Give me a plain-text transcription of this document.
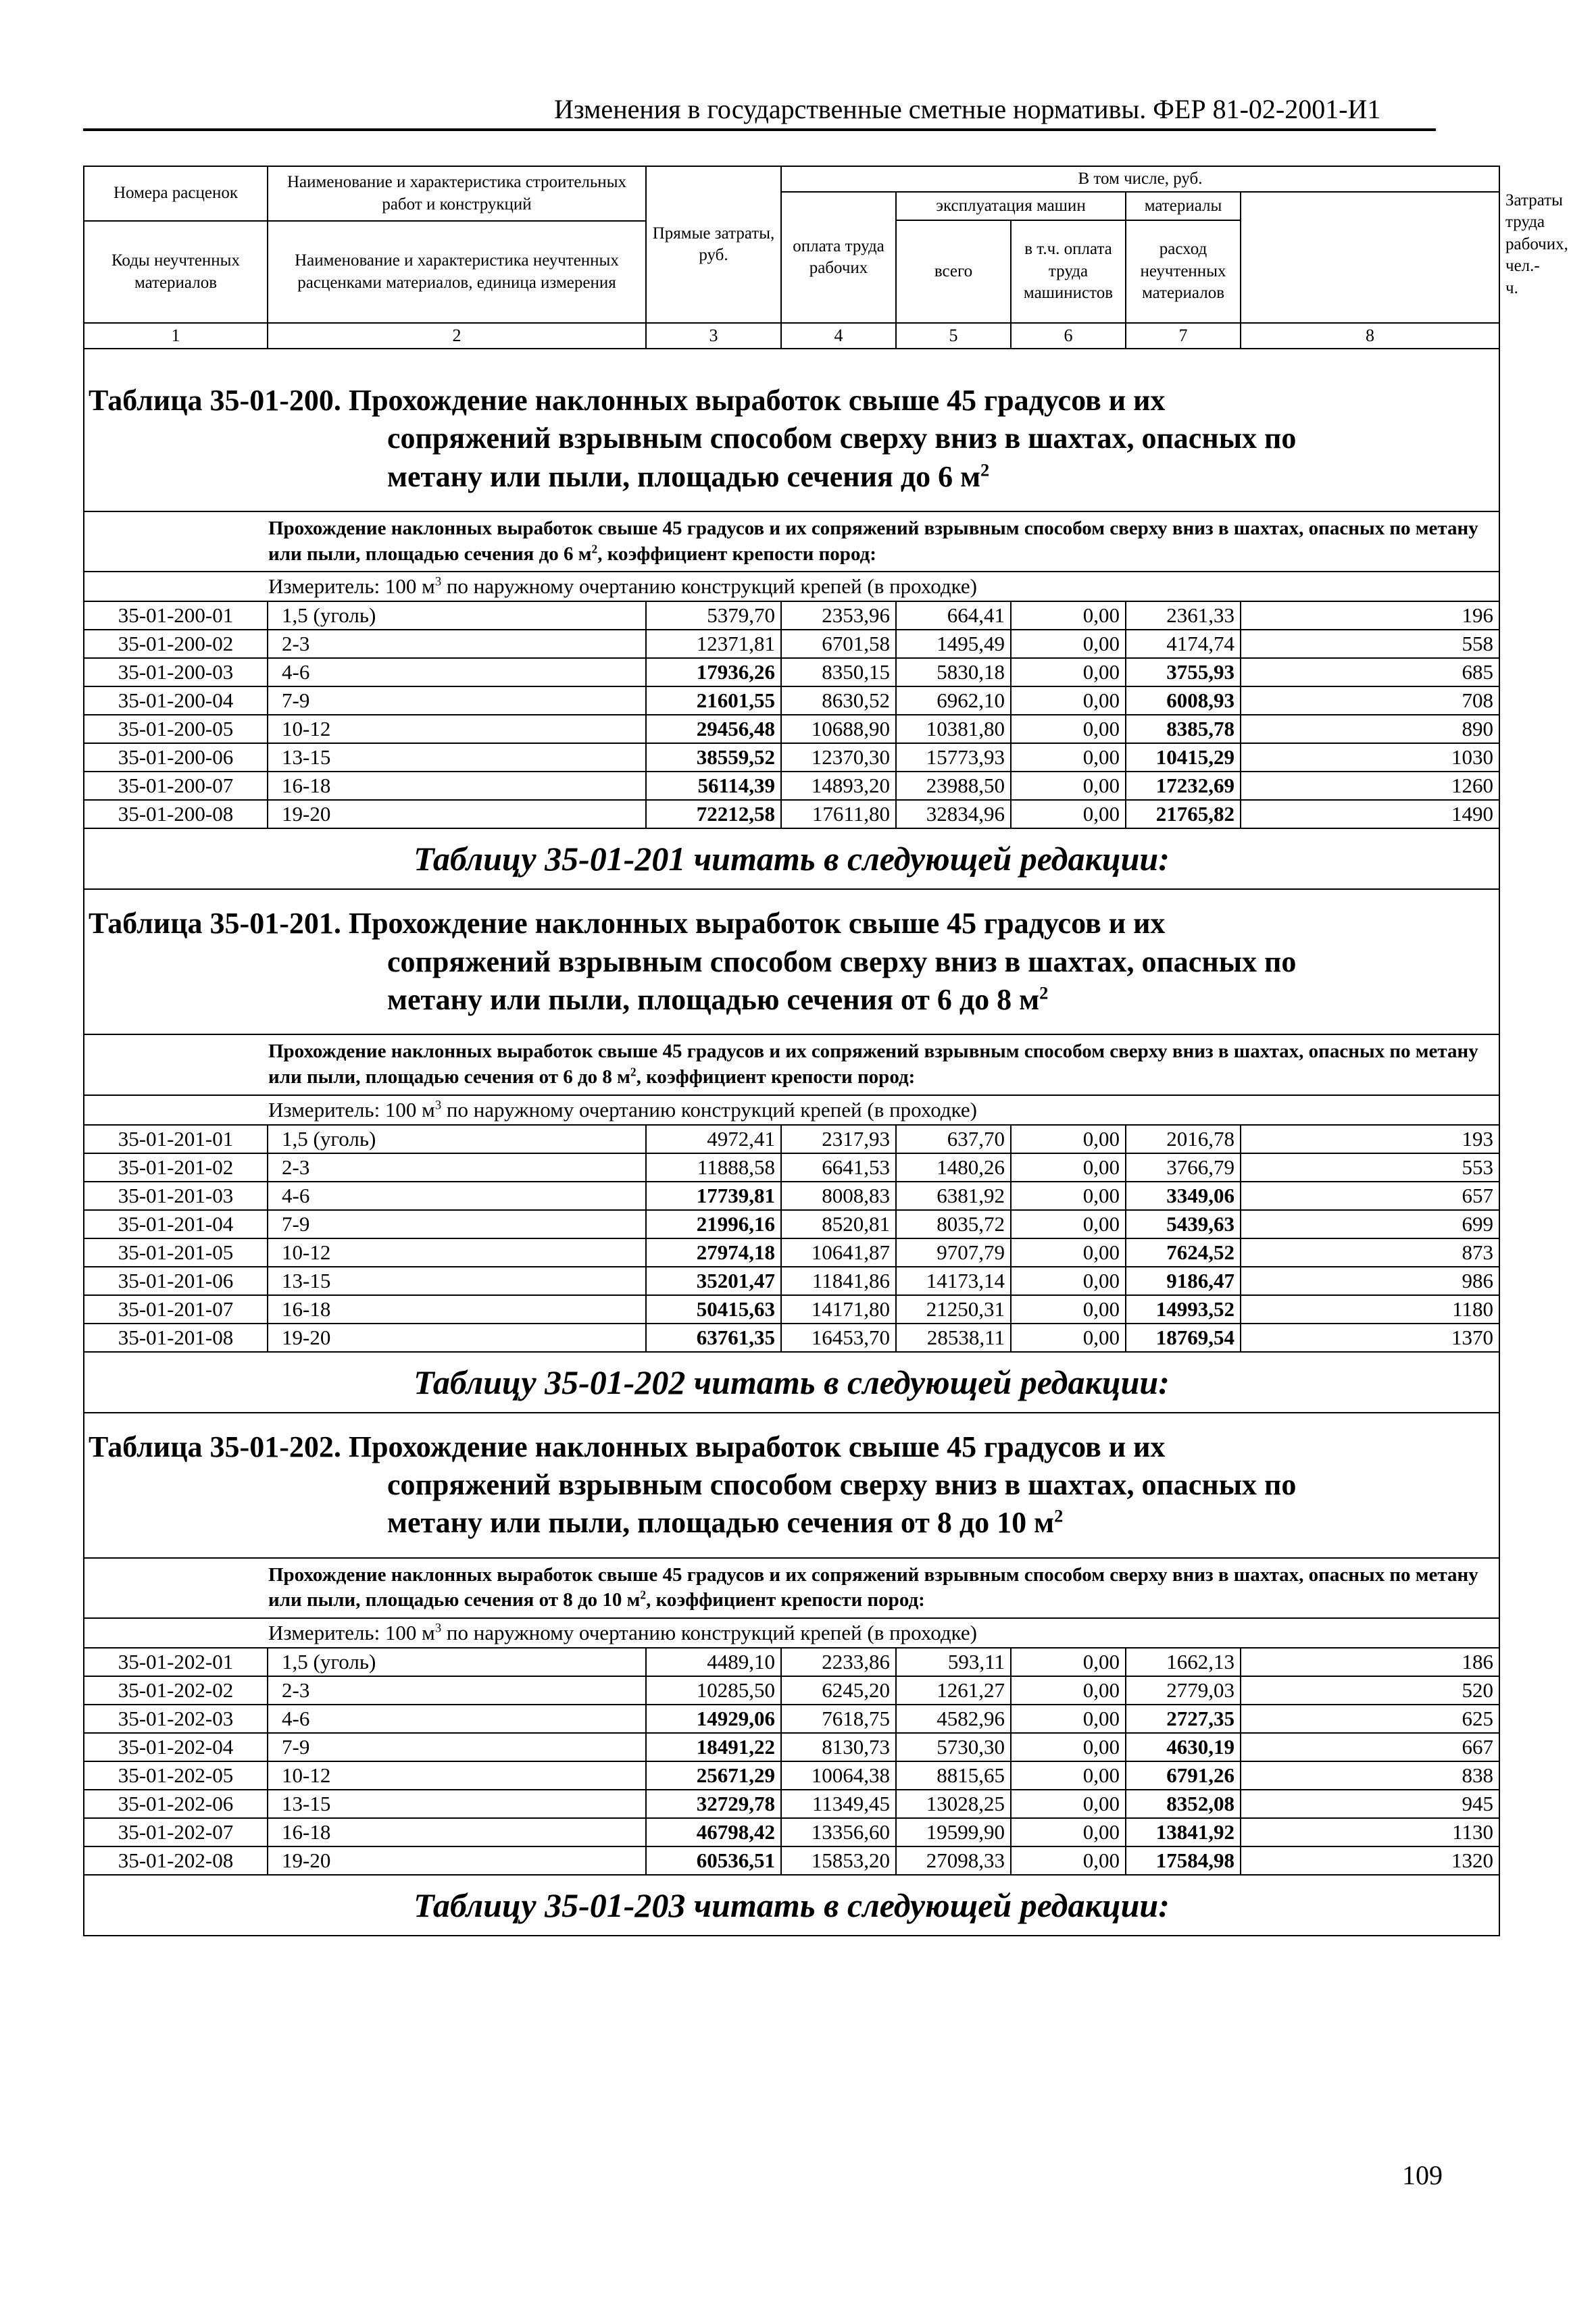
Изменения в государственные сметные нормативы. ФЕР 81-02-2001-И1
Номера расценок	Наименование и характеристика строительных работ и конструкций	Прямые затраты, руб.	В том числе, руб.					Затраты труда рабочих, чел.-ч.
			оплата труда рабочих	эксплуатация машин		материалы		
				всего	в т.ч. оплата труда машинистов	расход неучтенных материалов		
Коды неучтенных материалов	Наименование и характеристика неучтенных расценками материалов, единица измерения							

1	2	3	4	5	6	7	8	

Таблица 35-01-200. Прохождение наклонных выработок свыше 45 градусов и их
сопряжений взрывным способом сверху вниз в шахтах, опасных по
метану или пыли, площадью сечения до 6 $м^2$

Прохождение наклонных выработок свыше 45 градусов и их сопряжений взрывным способом сверху вниз в шахтах, опасных по метану или пыли, площадью сечения до 6 $м^2$, коэффициент крепости пород:								
Измеритель: 100 $м^3$ по наружному очертанию конструкций крепей (в проходке)								
35-01-200-01	1,5 (уголь)	5379,70	2353,96	664,41	0,00	2361,33	196	
35-01-200-02	2-3	12371,81	6701,58	1495,49	0,00	4174,74	558	
35-01-200-03	4-6	17936,26	8350,15	5830,18	0,00	3755,93	685	
35-01-200-04	7-9	21601,55	8630,52	6962,10	0,00	6008,93	708	
35-01-200-05	10-12	29456,48	10688,90	10381,80	0,00	8385,78	890	
35-01-200-06	13-15	38559,52	12370,30	15773,93	0,00	10415,29	1030	
35-01-200-07	16-18	56114,39	14893,20	23988,50	0,00	17232,69	1260	
35-01-200-08	19-20	72212,58	17611,80	32834,96	0,00	21765,82	1490	
Таблицу 35-01-201 читать в следующей редакции:								

Таблица 35-01-201. Прохождение наклонных выработок свыше 45 градусов и их
сопряжений взрывным способом сверху вниз в шахтах, опасных по
метану или пыли, площадью сечения от 6 до 8 $м^2$

Прохождение наклонных выработок свыше 45 градусов и их сопряжений взрывным способом сверху вниз в шахтах, опасных по метану или пыли, площадью сечения от 6 до 8 $м^2$, коэффициент крепости пород:								
Измеритель: 100 $м^3$ по наружному очертанию конструкций крепей (в проходке)								
35-01-201-01	1,5 (уголь)	4972,41	2317,93	637,70	0,00	2016,78	193	
35-01-201-02	2-3	11888,58	6641,53	1480,26	0,00	3766,79	553	
35-01-201-03	4-6	17739,81	8008,83	6381,92	0,00	3349,06	657	
35-01-201-04	7-9	21996,16	8520,81	8035,72	0,00	5439,63	699	
35-01-201-05	10-12	27974,18	10641,87	9707,79	0,00	7624,52	873	
35-01-201-06	13-15	35201,47	11841,86	14173,14	0,00	9186,47	986	
35-01-201-07	16-18	50415,63	14171,80	21250,31	0,00	14993,52	1180	
35-01-201-08	19-20	63761,35	16453,70	28538,11	0,00	18769,54	1370	
Таблицу 35-01-202 читать в следующей редакции:								

Таблица 35-01-202. Прохождение наклонных выработок свыше 45 градусов и их
сопряжений взрывным способом сверху вниз в шахтах, опасных по
метану или пыли, площадью сечения от 8 до 10 $м^2$

Прохождение наклонных выработок свыше 45 градусов и их сопряжений взрывным способом сверху вниз в шахтах, опасных по метану или пыли, площадью сечения от 8 до 10 $м^2$, коэффициент крепости пород:								
Измеритель: 100 $м^3$ по наружному очертанию конструкций крепей (в проходке)								
35-01-202-01	1,5 (уголь)	4489,10	2233,86	593,11	0,00	1662,13	186	
35-01-202-02	2-3	10285,50	6245,20	1261,27	0,00	2779,03	520	
35-01-202-03	4-6	14929,06	7618,75	4582,96	0,00	2727,35	625	
35-01-202-04	7-9	18491,22	8130,73	5730,30	0,00	4630,19	667	
35-01-202-05	10-12	25671,29	10064,38	8815,65	0,00	6791,26	838	
35-01-202-06	13-15	32729,78	11349,45	13028,25	0,00	8352,08	945	
35-01-202-07	16-18	46798,42	13356,60	19599,90	0,00	13841,92	1130	
35-01-202-08	19-20	60536,51	15853,20	27098,33	0,00	17584,98	1320	
Таблицу 35-01-203 читать в следующей редакции:								
109
